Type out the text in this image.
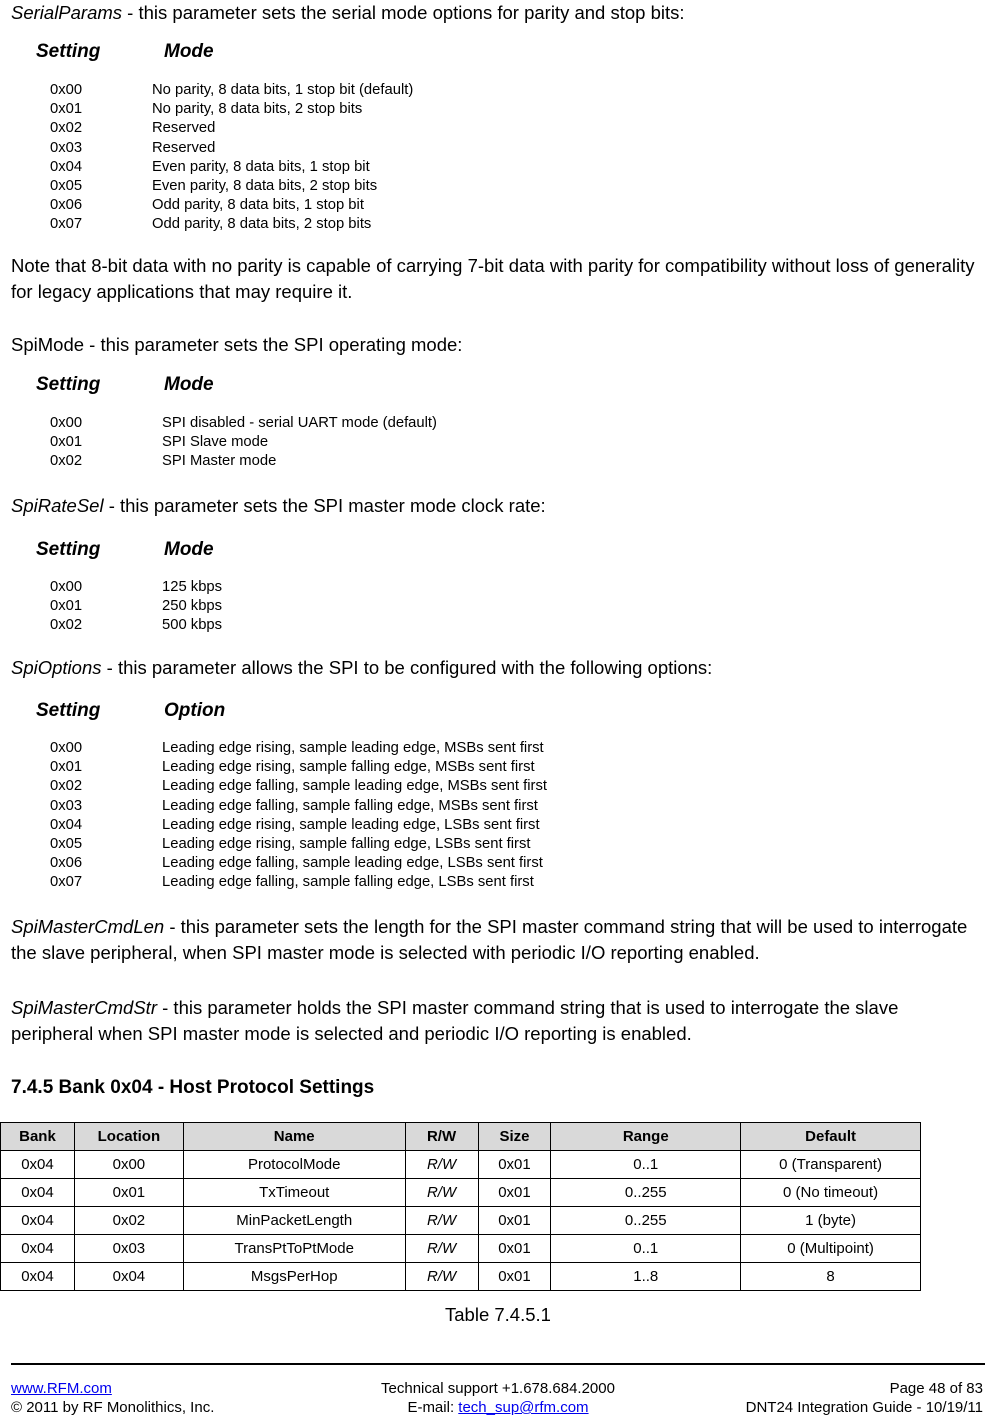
SerialParams - this parameter sets the serial mode options for parity and stop bits:
Setting	Mode
0x00	No parity, 8 data bits, 1 stop bit (default)
0x01	No parity, 8 data bits, 2 stop bits
0x02	Reserved
0x03	Reserved
0x04	Even parity, 8 data bits, 1 stop bit
0x05	Even parity, 8 data bits, 2 stop bits
0x06	Odd parity, 8 data bits, 1 stop bit
0x07	Odd parity, 8 data bits, 2 stop bits
Note that 8-bit data with no parity is capable of carrying 7-bit data with parity for compatibility without loss of generality for legacy applications that may require it.
SpiMode - this parameter sets the SPI operating mode:
Setting	Mode
0x00	SPI disabled - serial UART mode (default)
0x01	SPI Slave mode
0x02	SPI Master mode
SpiRateSel - this parameter sets the SPI master mode clock rate:
Setting	Mode
0x00	125 kbps
0x01	250 kbps
0x02	500 kbps
SpiOptions - this parameter allows the SPI to be configured with the following options:
Setting	Option
0x00	Leading edge rising, sample leading edge, MSBs sent first
0x01	Leading edge rising, sample falling edge, MSBs sent first
0x02	Leading edge falling, sample leading edge, MSBs sent first
0x03	Leading edge falling, sample falling edge, MSBs sent first
0x04	Leading edge rising, sample leading edge, LSBs sent first
0x05	Leading edge rising, sample falling edge, LSBs sent first
0x06	Leading edge falling, sample leading edge, LSBs sent first
0x07	Leading edge falling, sample falling edge, LSBs sent first
SpiMasterCmdLen - this parameter sets the length for the SPI master command string that will be used to interrogate the slave peripheral, when SPI master mode is selected with periodic I/O reporting enabled.
SpiMasterCmdStr - this parameter holds the SPI master command string that is used to interrogate the slave peripheral when SPI master mode is selected and periodic I/O reporting is enabled.
7.4.5 Bank 0x04 - Host Protocol Settings
Bank	Location	Name	R/W	Size	Range	Default
0x04	0x00	ProtocolMode	R/W	0x01	0..1	0 (Transparent)
0x04	0x01	TxTimeout	R/W	0x01	0..255	0 (No timeout)
0x04	0x02	MinPacketLength	R/W	0x01	0..255	1 (byte)
0x04	0x03	TransPtToPtMode	R/W	0x01	0..1	0 (Multipoint)
0x04	0x04	MsgsPerHop	R/W	0x01	1..8	8
Table 7.4.5.1
www.RFM.com
© 2011 by RF Monolithics, Inc.
Technical support +1.678.684.2000
E-mail: tech_sup@rfm.com
Page 48 of 83
DNT24 Integration Guide - 10/19/11
